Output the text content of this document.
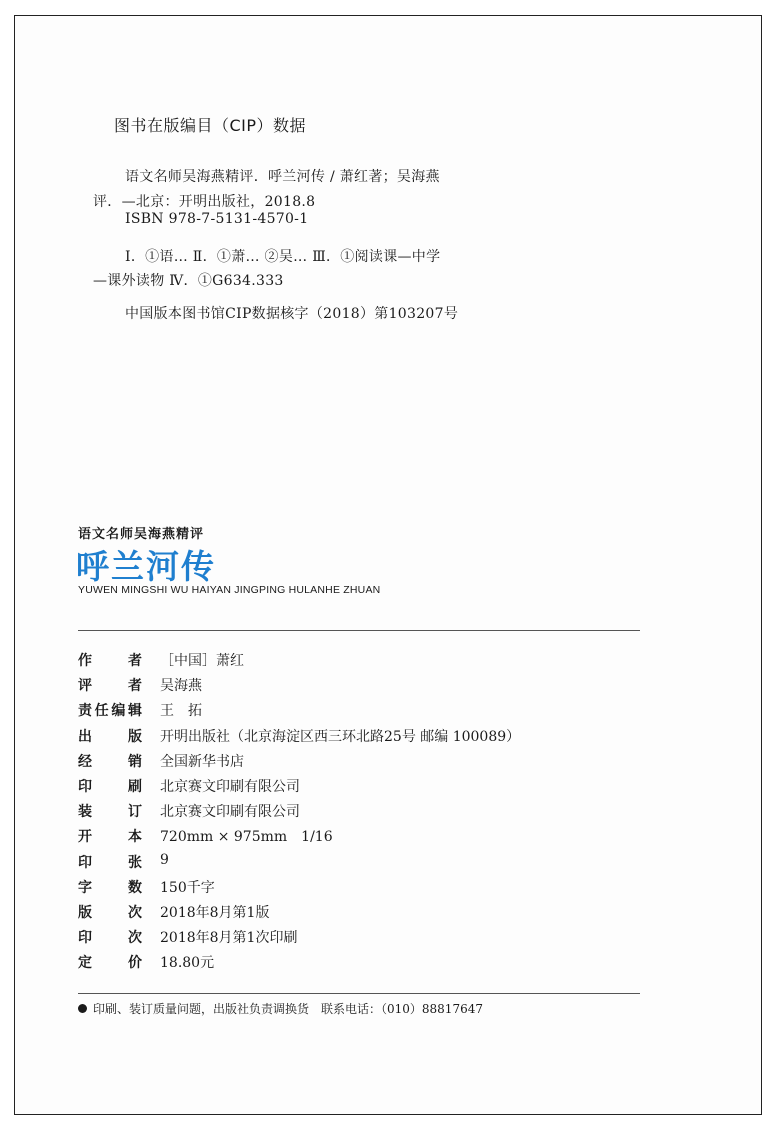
图书在版编目（CIP）数据
语文名师吴海燕精评．呼兰河传 / 萧红著；吴海燕
评．—北京：开明出版社，2018.8
ISBN 978-7-5131-4570-1
Ⅰ．①语… Ⅱ．①萧… ②吴… Ⅲ．①阅读课—中学
—课外读物 Ⅳ．①G634.333
中国版本图书馆CIP数据核字（2018）第103207号
语文名师吴海燕精评
呼兰河传
YUWEN MINGSHI WU HAIYAN JINGPING HULANHE ZHUAN
作	者 ［中国］萧红
评	者 吴海燕
责 任 编 辑 王　拓
出	版 开明出版社（北京海淀区西三环北路25号 邮编 100089）
经	销 全国新华书店
印	刷 北京赛文印刷有限公司
装	订 北京赛文印刷有限公司
开	本 720mm × 975mm　1/16
印	张 9
字	数 150千字
版	次 2018年8月第1版
印	次 2018年8月第1次印刷
定	价 18.80元
印刷、装订质量问题，出版社负责调换货　联系电话：（010）88817647
